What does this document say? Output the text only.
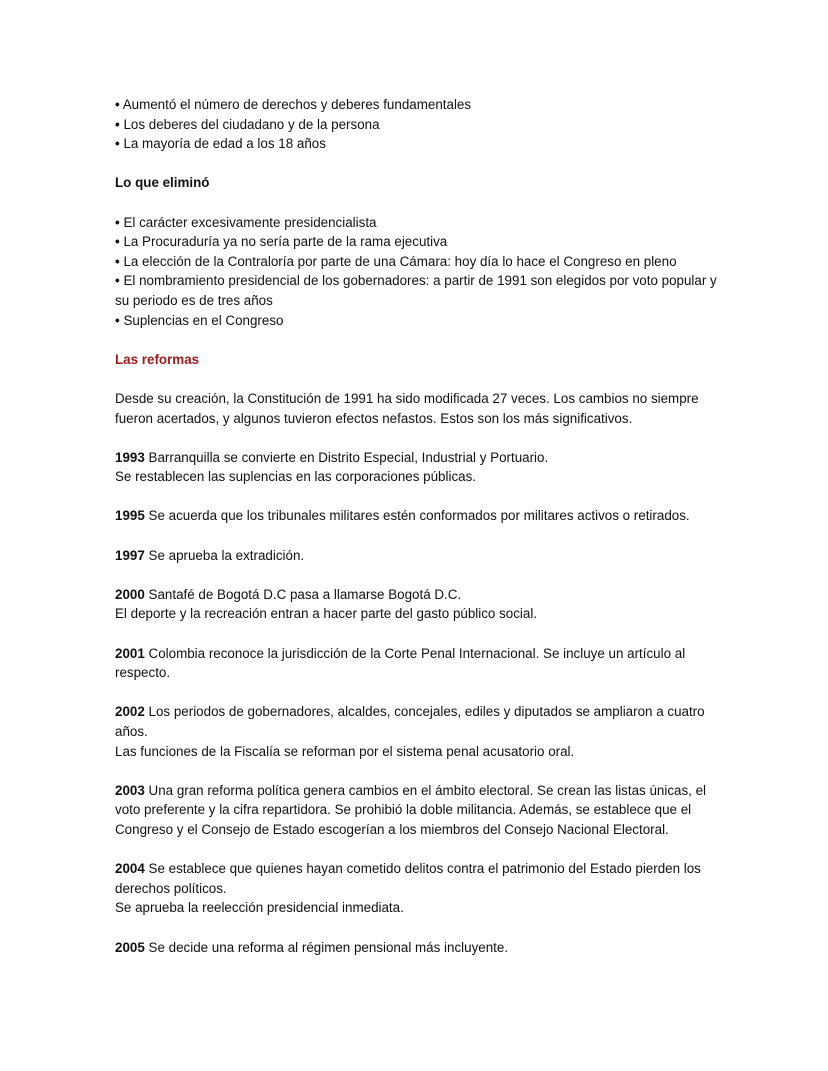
• Aumentó el número de derechos y deberes fundamentales
• Los deberes del ciudadano y de la persona
• La mayoría de edad a los 18 años

Lo que eliminó

• El carácter excesivamente presidencialista
• La Procuraduría ya no sería parte de la rama ejecutiva
• La elección de la Contraloría por parte de una Cámara: hoy día lo hace el Congreso en pleno
• El nombramiento presidencial de los gobernadores: a partir de 1991 son elegidos por voto popular y su periodo es de tres años
• Suplencias en el Congreso

Las reformas

Desde su creación, la Constitución de 1991 ha sido modificada 27 veces. Los cambios no siempre fueron acertados, y algunos tuvieron efectos nefastos. Estos son los más significativos.

1993 Barranquilla se convierte en Distrito Especial, Industrial y Portuario.

Se restablecen las suplencias en las corporaciones públicas.

1995 Se acuerda que los tribunales militares estén conformados por militares activos o retirados.

1997 Se aprueba la extradición.

2000 Santafé de Bogotá D.C pasa a llamarse Bogotá D.C.

El deporte y la recreación entran a hacer parte del gasto público social.

2001 Colombia reconoce la jurisdicción de la Corte Penal Internacional. Se incluye un artículo al respecto.

2002 Los periodos de gobernadores, alcaldes, concejales, ediles y diputados se ampliaron a cuatro años.

Las funciones de la Fiscalía se reforman por el sistema penal acusatorio oral.

2003 Una gran reforma política genera cambios en el ámbito electoral. Se crean las listas únicas, el voto preferente y la cifra repartidora. Se prohibió la doble militancia. Además, se establece que el Congreso y el Consejo de Estado escogerían a los miembros del Consejo Nacional Electoral.

2004 Se establece que quienes hayan cometido delitos contra el patrimonio del Estado pierden los derechos políticos.

Se aprueba la reelección presidencial inmediata.

2005 Se decide una reforma al régimen pensional más incluyente.
